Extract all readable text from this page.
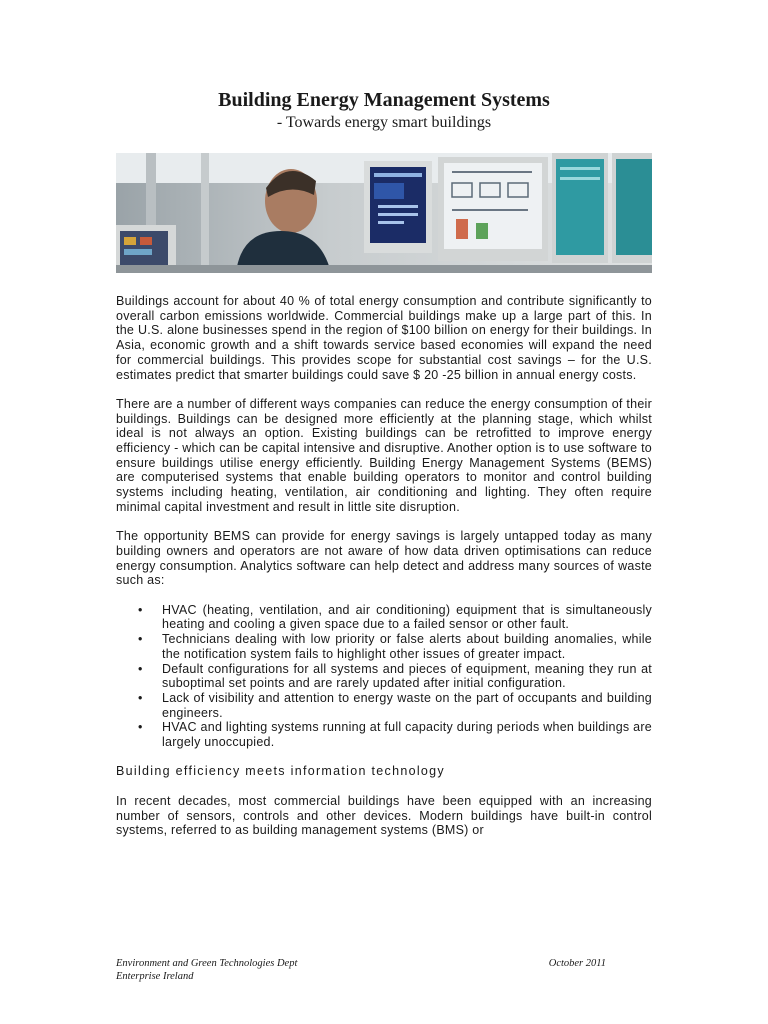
Building Energy Management Systems
- Towards energy smart buildings

Buildings account for about 40 % of total energy consumption and contribute significantly to overall carbon emissions worldwide. Commercial buildings make up a large part of this. In the U.S. alone businesses spend in the region of $100 billion on energy for their buildings. In Asia, economic growth and a shift towards service based economies will expand the need for commercial buildings. This provides scope for substantial cost savings – for the U.S. estimates predict that smarter buildings could save $ 20 -25 billion in annual energy costs.

There are a number of different ways companies can reduce the energy consumption of their buildings. Buildings can be designed more efficiently at the planning stage, which whilst ideal is not always an option. Existing buildings can be retrofitted to improve energy efficiency - which can be capital intensive and disruptive. Another option is to use software to ensure buildings utilise energy efficiently. Building Energy Management Systems (BEMS) are computerised systems that enable building operators to monitor and control building systems including heating, ventilation, air conditioning and lighting. They often require minimal capital investment and result in little site disruption.

The opportunity BEMS can provide for energy savings is largely untapped today as many building owners and operators are not aware of how data driven optimisations can reduce energy consumption. Analytics software can help detect and address many sources of waste such as:

• HVAC (heating, ventilation, and air conditioning) equipment that is simultaneously heating and cooling a given space due to a failed sensor or other fault.
• Technicians dealing with low priority or false alerts about building anomalies, while the notification system fails to highlight other issues of greater impact.
• Default configurations for all systems and pieces of equipment, meaning they run at suboptimal set points and are rarely updated after initial configuration.
• Lack of visibility and attention to energy waste on the part of occupants and building engineers.
• HVAC and lighting systems running at full capacity during periods when buildings are largely unoccupied.

Building efficiency meets information technology

In recent decades, most commercial buildings have been equipped with an increasing number of sensors, controls and other devices. Modern buildings have built-in control systems, referred to as building management systems (BMS) or

Environment and Green Technologies Dept
Enterprise Ireland
October 2011
